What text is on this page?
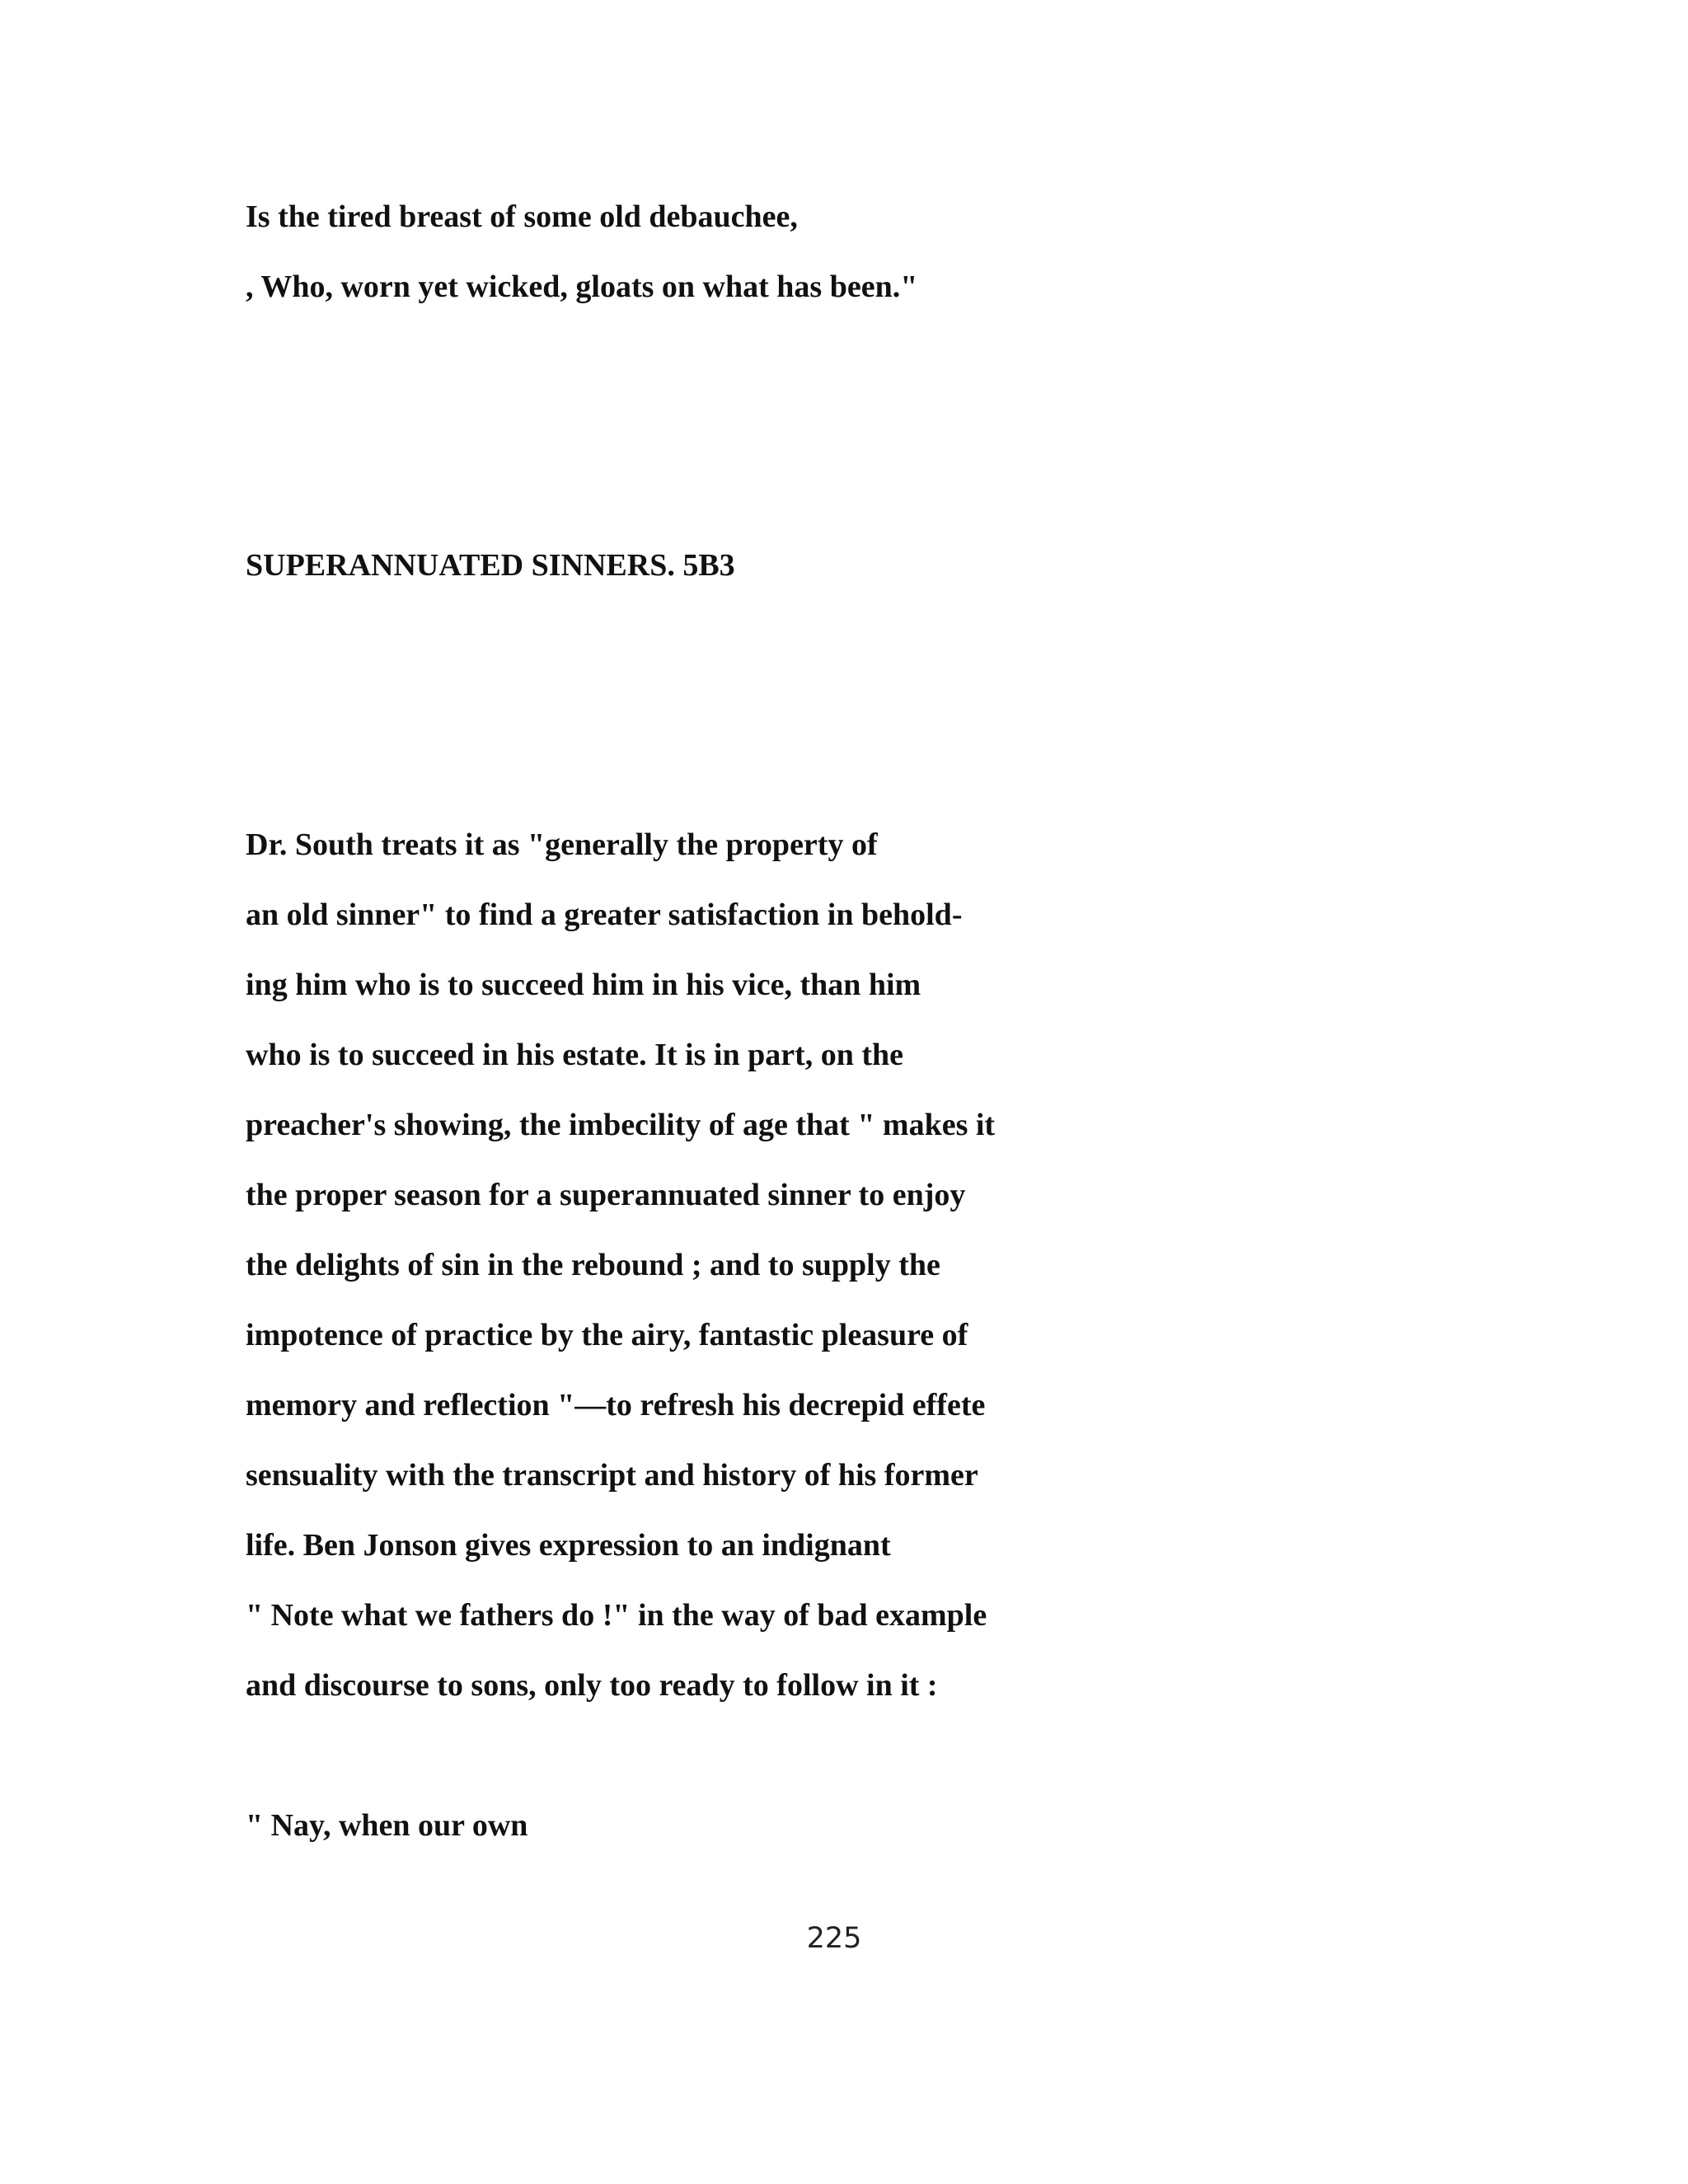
Is the tired breast of some old debauchee,

, Who, worn yet wicked, gloats on what has been."

SUPERANNUATED SINNERS. 5B3

Dr. South treats it as "generally the property of

an old sinner" to find a greater satisfaction in behold-

ing him who is to succeed him in his vice, than him

who is to succeed in his estate. It is in part, on the

preacher's showing, the imbecility of age that " makes it

the proper season for a superannuated sinner to enjoy

the delights of sin in the rebound ; and to supply the

impotence of practice by the airy, fantastic pleasure of

memory and reflection "—to refresh his decrepid effete

sensuality with the transcript and history of his former

life. Ben Jonson gives expression to an indignant

" Note what we fathers do !" in the way of bad example

and discourse to sons, only too ready to follow in it :

" Nay, when our own

225
